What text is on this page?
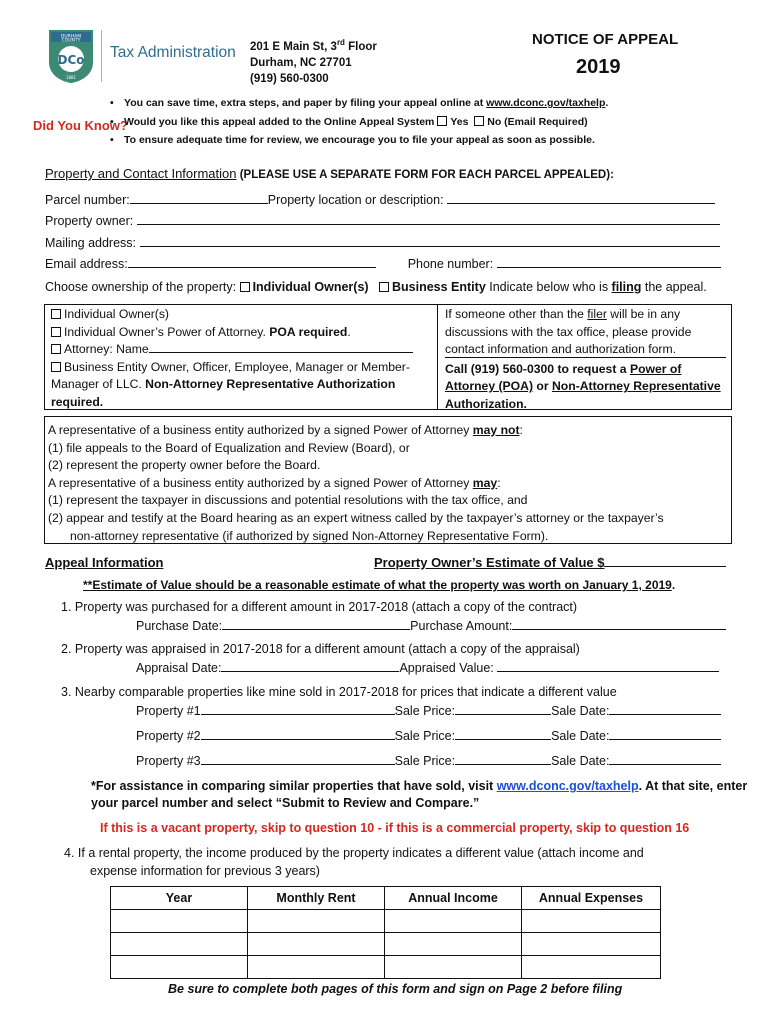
DURHAM
COUNTY
DCo
1881
Tax Administration 201 E Main St, 3rd Floor
Durham, NC 27701
(919) 560-0300
NOTICE OF APPEAL
2019
Did You Know?
• You can save time, extra steps, and paper by filing your appeal online at www.dconc.gov/taxhelp.
• Would you like this appeal added to the Online Appeal System Yes No (Email Required)
• To ensure adequate time for review, we encourage you to file your appeal as soon as possible.
Property and Contact Information (PLEASE USE A SEPARATE FORM FOR EACH PARCEL APPEALED):
Parcel number:	Property location or description:
Property owner:
Mailing address:
Email address:	Phone number:
Choose ownership of the property: Individual Owner(s) Business Entity Indicate below who is filing the appeal.
Individual Owner(s)
Individual Owner’s Power of Attorney. POA required.
Attorney: Name
Business Entity Owner, Officer, Employee, Manager or Member-Manager of LLC. Non-Attorney Representative Authorization required.
If someone other than the filer will be in any discussions with the tax office, please provide contact information and authorization form.
Call (919) 560-0300 to request a Power of Attorney (POA) or Non-Attorney Representative Authorization.
A representative of a business entity authorized by a signed Power of Attorney may not:
(1) file appeals to the Board of Equalization and Review (Board), or
(2) represent the property owner before the Board.
A representative of a business entity authorized by a signed Power of Attorney may:
(1) represent the taxpayer in discussions and potential resolutions with the tax office, and
(2) appear and testify at the Board hearing as an expert witness called by the taxpayer’s attorney or the taxpayer’s
non-attorney representative (if authorized by signed Non-Attorney Representative Form).
Appeal Information	Property Owner’s Estimate of Value $
**Estimate of Value should be a reasonable estimate of what the property was worth on January 1, 2019.
1. Property was purchased for a different amount in 2017-2018 (attach a copy of the contract)
Purchase Date:	Purchase Amount:
2. Property was appraised in 2017-2018 for a different amount (attach a copy of the appraisal)
Appraisal Date:	Appraised Value:
3. Nearby comparable properties like mine sold in 2017-2018 for prices that indicate a different value
Property #1	Sale Price:	Sale Date:
Property #2	Sale Price:	Sale Date:
Property #3	Sale Price:	Sale Date:
*For assistance in comparing similar properties that have sold, visit www.dconc.gov/taxhelp. At that site, enter
your parcel number and select “Submit to Review and Compare.”
If this is a vacant property, skip to question 10 - if this is a commercial property, skip to question 16
4. If a rental property, the income produced by the property indicates a different value (attach income and
expense information for previous 3 years)
Year	Monthly Rent	Annual Income	Annual Expenses

Be sure to complete both pages of this form and sign on Page 2 before filing
